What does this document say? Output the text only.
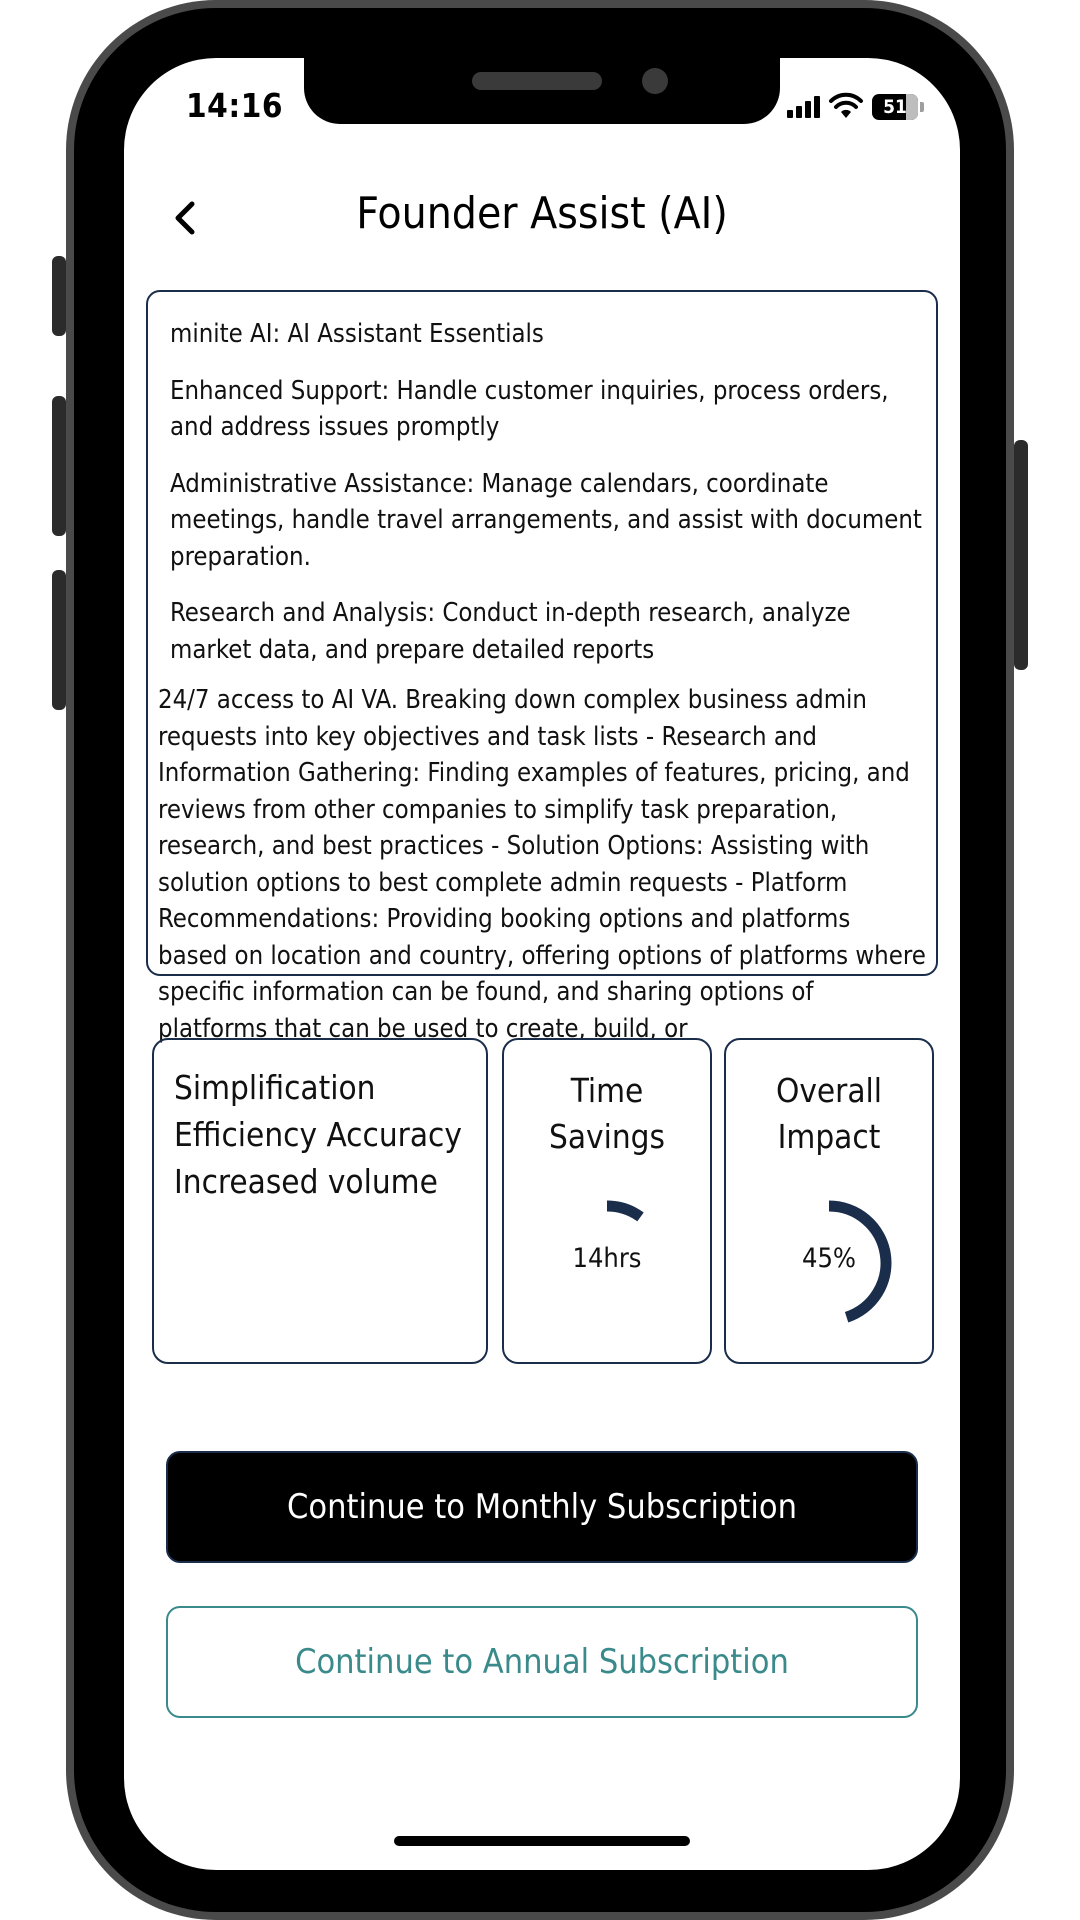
14:16	51
Founder Assist (AI)

minite AI: AI Assistant Essentials

Enhanced Support: Handle customer inquiries, process orders, and address issues promptly

Administrative Assistance: Manage calendars, coordinate meetings, handle travel arrangements, and assist with document preparation.

Research and Analysis: Conduct in-depth research, analyze market data, and prepare detailed reports

24/7 access to AI VA. Breaking down complex business admin requests into key objectives and task lists - Research and Information Gathering: Finding examples of features, pricing, and reviews from other companies to simplify task preparation, research, and best practices - Solution Options: Assisting with solution options to best complete admin requests - Platform Recommendations: Providing booking options and platforms based on location and country, offering options of platforms where specific information can be found, and sharing options of platforms that can be used to create, build, or

Simplification
Efficiency Accuracy
Increased volume
Time
Savings
14hrs
Overall
Impact
45%
Continue to Monthly Subscription
Continue to Annual Subscription
